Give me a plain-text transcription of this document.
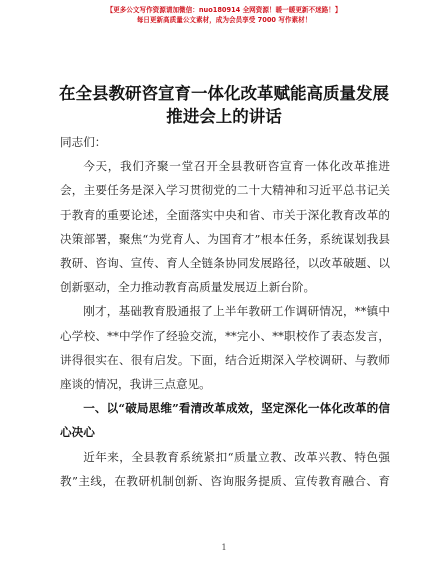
【更多公文写作资源请加微信：nuo180914 全网资源！暖一暖更新不迷路！】
每日更新高质量公文素材，成为会员享受 7000 写作素材！
在全县教研咨宣育一体化改革赋能高质量发展
推进会上的讲话

同志们：

今天，我们齐聚一堂召开全县教研咨宣育一体化改革推进会，主要任务是深入学习贯彻党的二十大精神和习近平总书记关于教育的重要论述，全面落实中央和省、市关于深化教育改革的决策部署，聚焦“为党育人、为国育才”根本任务，系统谋划我县教研、咨询、宣传、育人全链条协同发展路径，以改革破题、以创新驱动，全力推动教育高质量发展迈上新台阶。

刚才，基础教育股通报了上半年教研工作调研情况，**镇中心学校、**中学作了经验交流，**完小、**职校作了表态发言，讲得很实在、很有启发。下面，结合近期深入学校调研、与教师座谈的情况，我讲三点意见。

一、以“破局思维”看清改革成效，坚定深化一体化改革的信心决心

近年来，全县教育系统紧扣“质量立教、改革兴教、特色强教”主线，在教研机制创新、咨询服务提质、宣传教育融合、育

1
